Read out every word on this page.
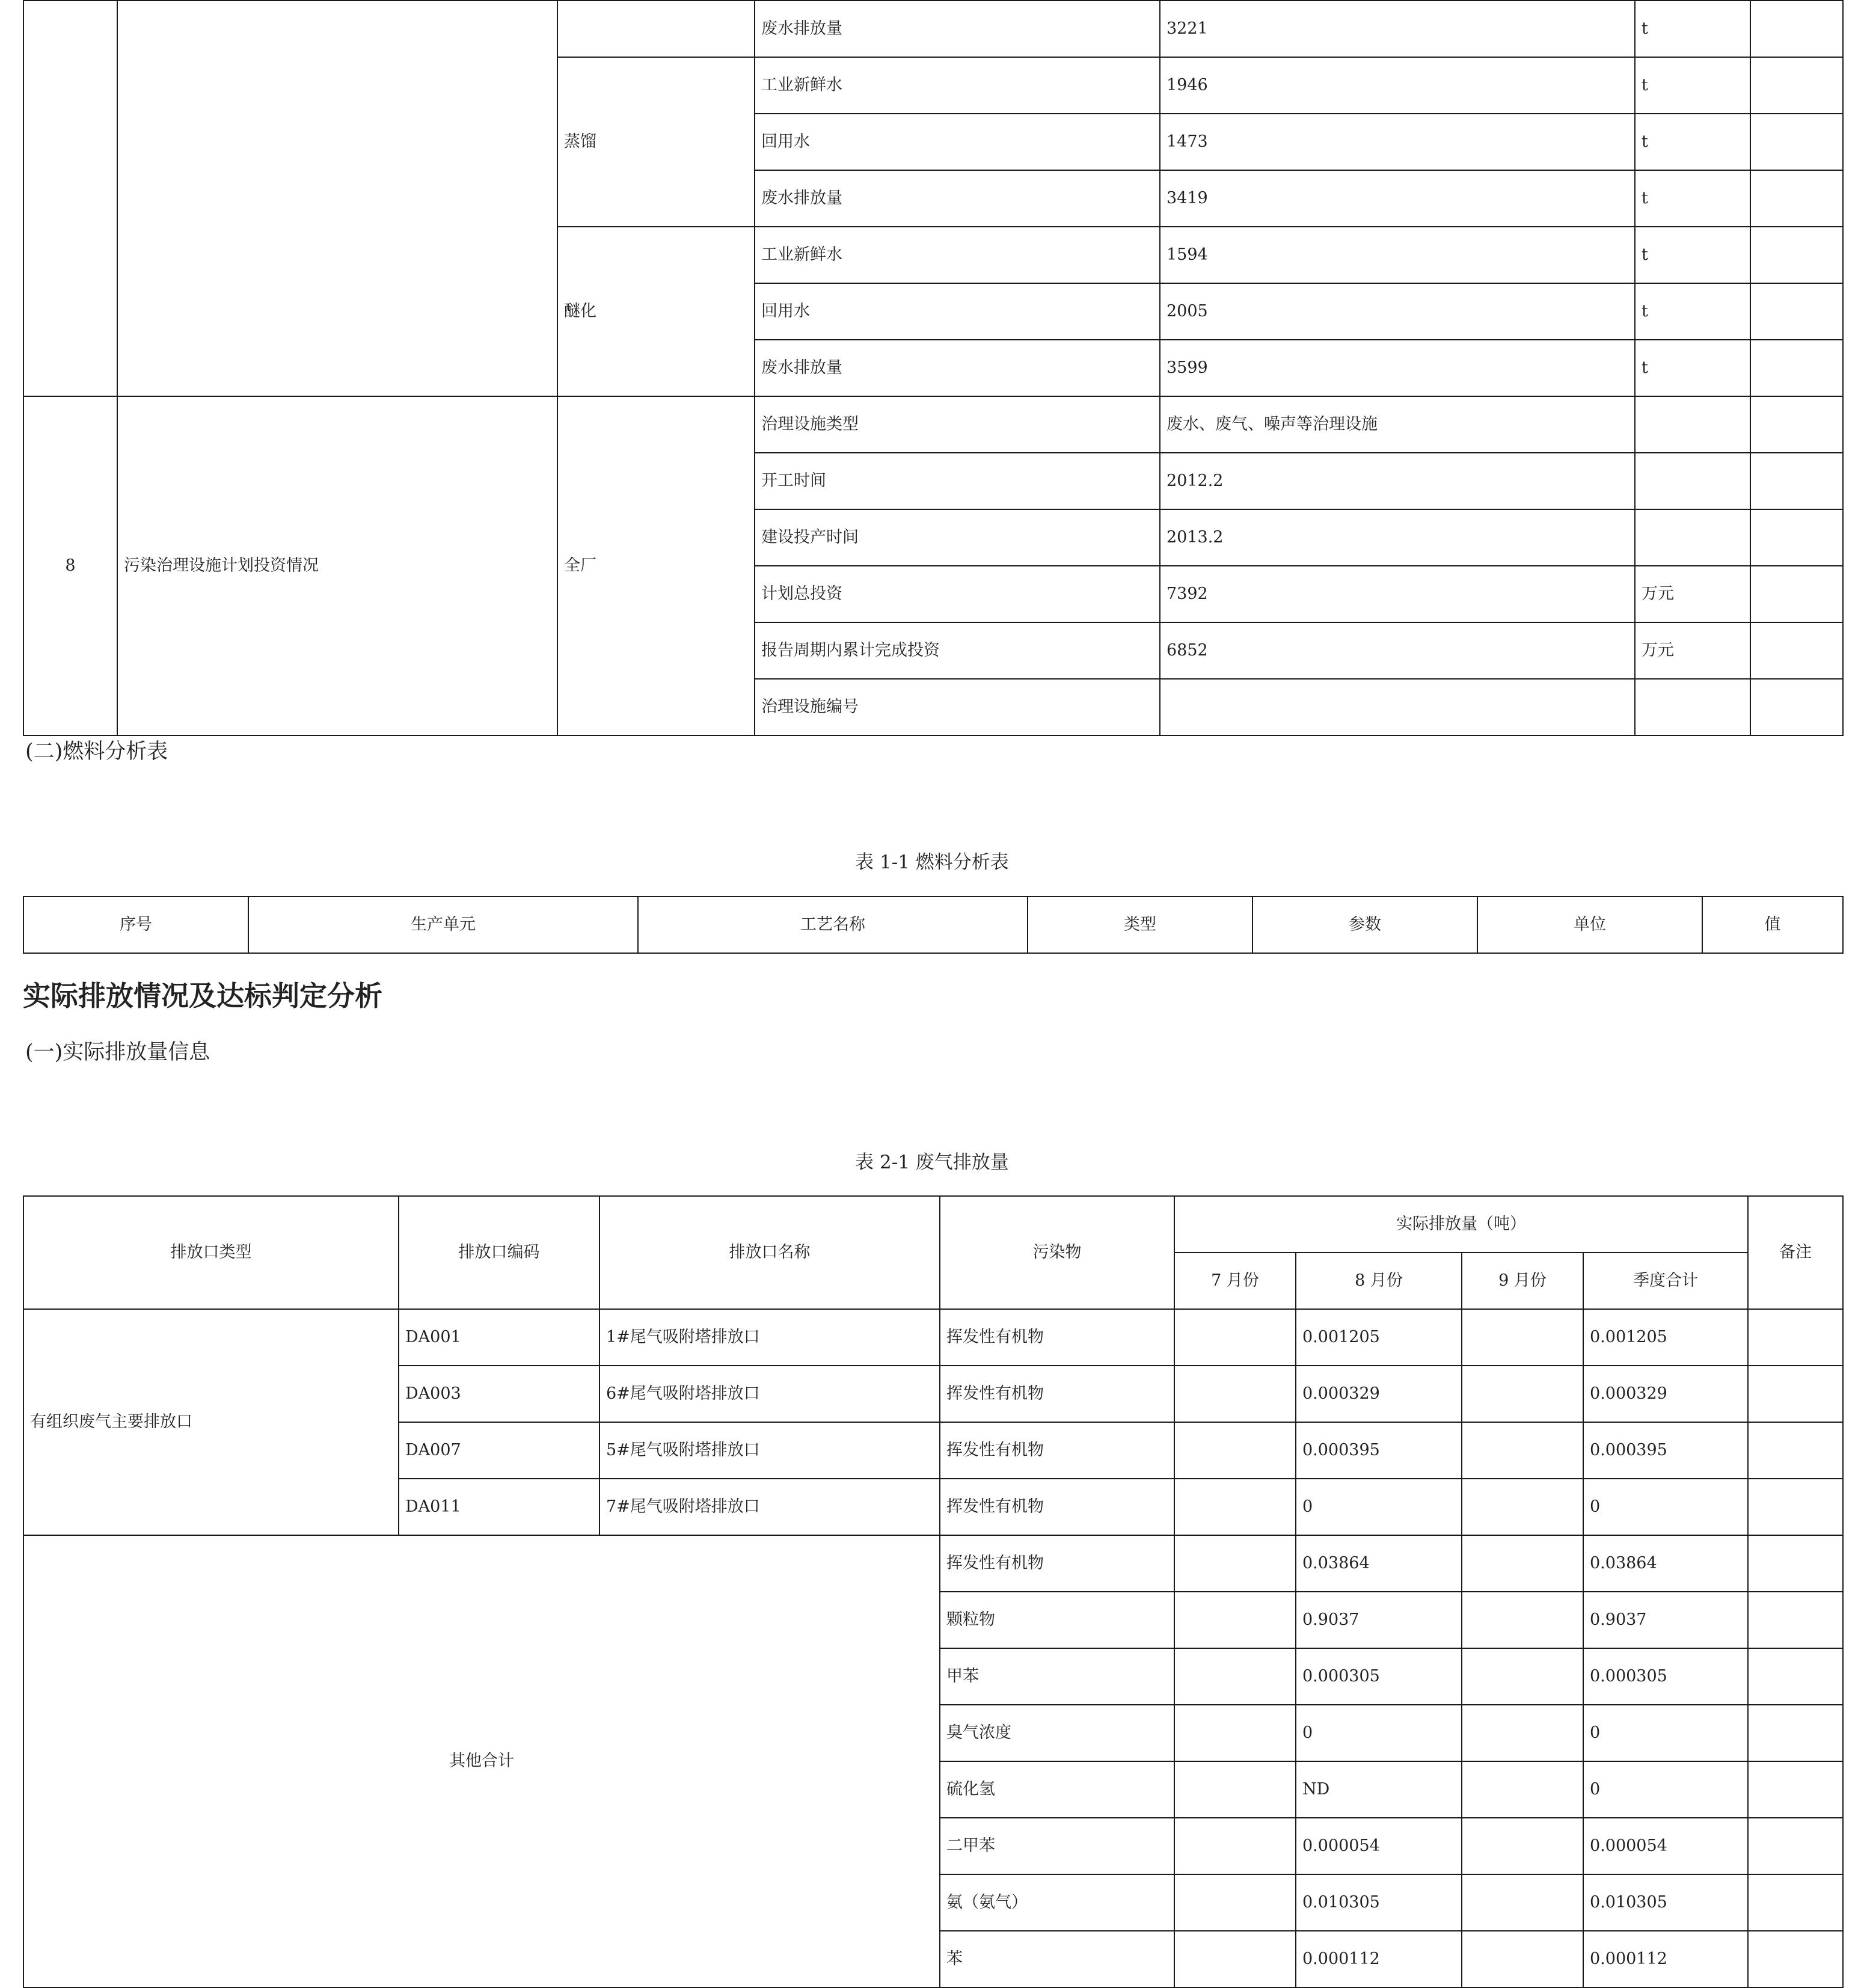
			废水排放量	3221	t	
		蒸馏	工业新鲜水	1946	t	
			回用水	1473	t	
			废水排放量	3419	t	
		醚化	工业新鲜水	1594	t	
			回用水	2005	t	
			废水排放量	3599	t	
8	污染治理设施计划投资情况	全厂	治理设施类型	废水、废气、噪声等治理设施		
			开工时间	2012.2		
			建设投产时间	2013.2		
			计划总投资	7392	万元	
			报告周期内累计完成投资	6852	万元	
			治理设施编号			
(二)燃料分析表
表 1-1 燃料分析表
序号	生产单元	工艺名称	类型	参数	单位	值
实际排放情况及达标判定分析
(一)实际排放量信息
表 2-1 废气排放量
排放口类型	排放口编码	排放口名称	污染物	实际排放量（吨）				备注
				7 月份	8 月份	9 月份	季度合计	
有组织废气主要排放口	DA001	1#尾气吸附塔排放口	挥发性有机物		0.001205		0.001205	
	DA003	6#尾气吸附塔排放口	挥发性有机物		0.000329		0.000329	
	DA007	5#尾气吸附塔排放口	挥发性有机物		0.000395		0.000395	
	DA011	7#尾气吸附塔排放口	挥发性有机物		0		0	
其他合计			挥发性有机物		0.03864		0.03864	
			颗粒物		0.9037		0.9037	
			甲苯		0.000305		0.000305	
			臭气浓度		0		0	
			硫化氢		ND		0	
			二甲苯		0.000054		0.000054	
			氨（氨气）		0.010305		0.010305	
			苯		0.000112		0.000112	
